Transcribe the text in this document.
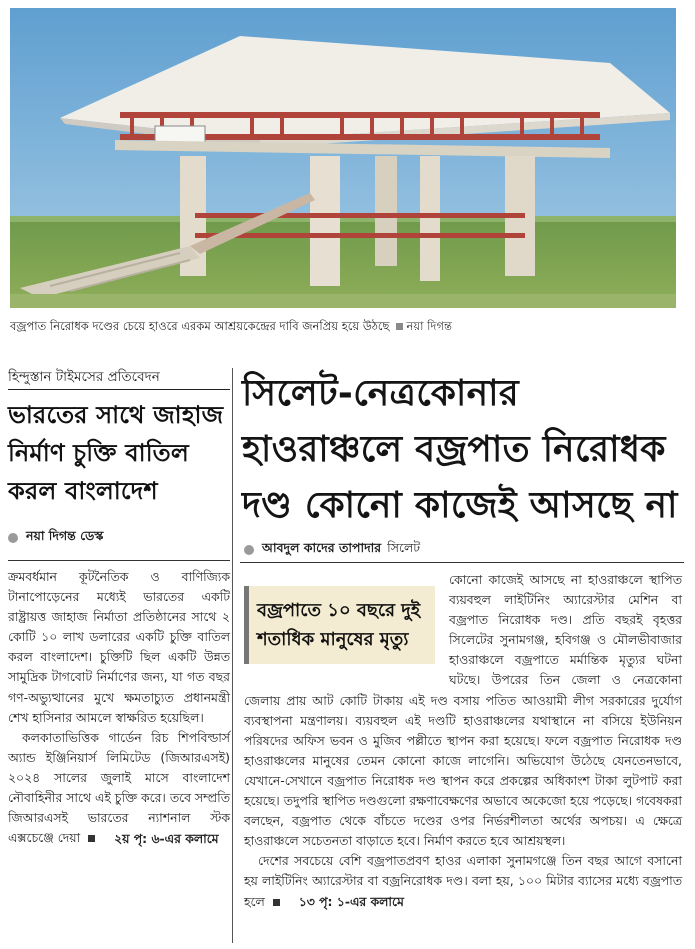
বজ্রপাত নিরোধক দণ্ডের চেয়ে হাওরে এরকম আশ্রয়কেন্দ্রের দাবি জনপ্রিয় হয়ে উঠছে নয়া দিগন্ত
হিন্দুস্তান টাইমসের প্রতিবেদন
ভারতের সাথে জাহাজ নির্মাণ চুক্তি বাতিল করল বাংলাদেশ
নয়া দিগন্ত ডেস্ক

ক্রমবর্ধমান কূটনৈতিক ও বাণিজ্যিক টানাপোড়েনের মধ্যেই ভারতের একটি রাষ্ট্রায়ত্ত জাহাজ নির্মাতা প্রতিষ্ঠানের সাথে ২ কোটি ১০ লাখ ডলারের একটি চুক্তি বাতিল করল বাংলাদেশ। চুক্তিটি ছিল একটি উন্নত সামুদ্রিক টাগবোট নির্মাণের জন্য, যা গত বছর গণ-অভ্যুত্থানের মুখে ক্ষমতাচ্যুত প্রধানমন্ত্রী শেখ হাসিনার আমলে স্বাক্ষরিত হয়েছিল।

কলকাতাভিত্তিক গার্ডেন রিচ শিপবিল্ডার্স অ্যান্ড ইঞ্জিনিয়ার্স লিমিটেড (জিআরএসই) ২০২৪ সালের জুলাই মাসে বাংলাদেশ নৌবাহিনীর সাথে এই চুক্তি করে। তবে সম্প্রতি জিআরএসই ভারতের ন্যাশনাল স্টক এক্সচেঞ্জে দেয়া	২য় পৃ: ৬-এর কলামে

সিলেট-নেত্রকোনার হাওরাঞ্চলে বজ্রপাত নিরোধক দণ্ড কোনো কাজেই আসছে না
আবদুল কাদের তাপাদার সিলেট
বজ্রপাতে ১০ বছরে দুই শতাধিক মানুষের মৃত্যু

কোনো কাজেই আসছে না হাওরাঞ্চলে স্থাপিত ব্যয়বহুল লাইটিনিং অ্যারেস্টার মেশিন বা বজ্রপাত নিরোধক দণ্ড। প্রতি বছরই বৃহত্তর সিলেটের সুনামগঞ্জ, হবিগঞ্জ ও মৌলভীবাজার হাওরাঞ্চলে বজ্রপাতে মর্মান্তিক মৃত্যুর ঘটনা ঘটছে। উপরের তিন জেলা ও নেত্রকোনা জেলায় প্রায় আট কোটি টাকায় এই দণ্ড বসায় পতিত আওয়ামী লীগ সরকারের দুর্যোগ ব্যবস্থাপনা মন্ত্রণালয়। ব্যয়বহুল এই দণ্ডটি হাওরাঞ্চলের যথাস্থানে না বসিয়ে ইউনিয়ন পরিষদের অফিস ভবন ও মুজিব পল্লীতে স্থাপন করা হয়েছে। ফলে বজ্রপাত নিরোধক দণ্ড হাওরাঞ্চলের মানুষের তেমন কোনো কাজে লাগেনি। অভিযোগ উঠেছে যেনতেনভাবে, যেখানে-সেখানে বজ্রপাত নিরোধক দণ্ড স্থাপন করে প্রকল্পের অধিকাংশ টাকা লুটপাট করা হয়েছে। তদুপরি স্থাপিত দণ্ডগুলো রক্ষণাবেক্ষণের অভাবে অকেজো হয়ে পড়েছে। গবেষকরা বলছেন, বজ্রপাত থেকে বাঁচতে দণ্ডের ওপর নির্ভরশীলতা অর্থের অপচয়। এ ক্ষেত্রে হাওরাঞ্চলে সচেতনতা বাড়াতে হবে। নির্মাণ করতে হবে আশ্রয়স্থল।

দেশের সবচেয়ে বেশি বজ্রপাতপ্রবণ হাওর এলাকা সুনামগঞ্জে তিন বছর আগে বসানো হয় লাইটিনিং অ্যারেস্টার বা বজ্রনিরোধক দণ্ড। বলা হয়, ১০০ মিটার ব্যাসের মধ্যে বজ্রপাত হলে	১৩ পৃ: ১-এর কলামে
